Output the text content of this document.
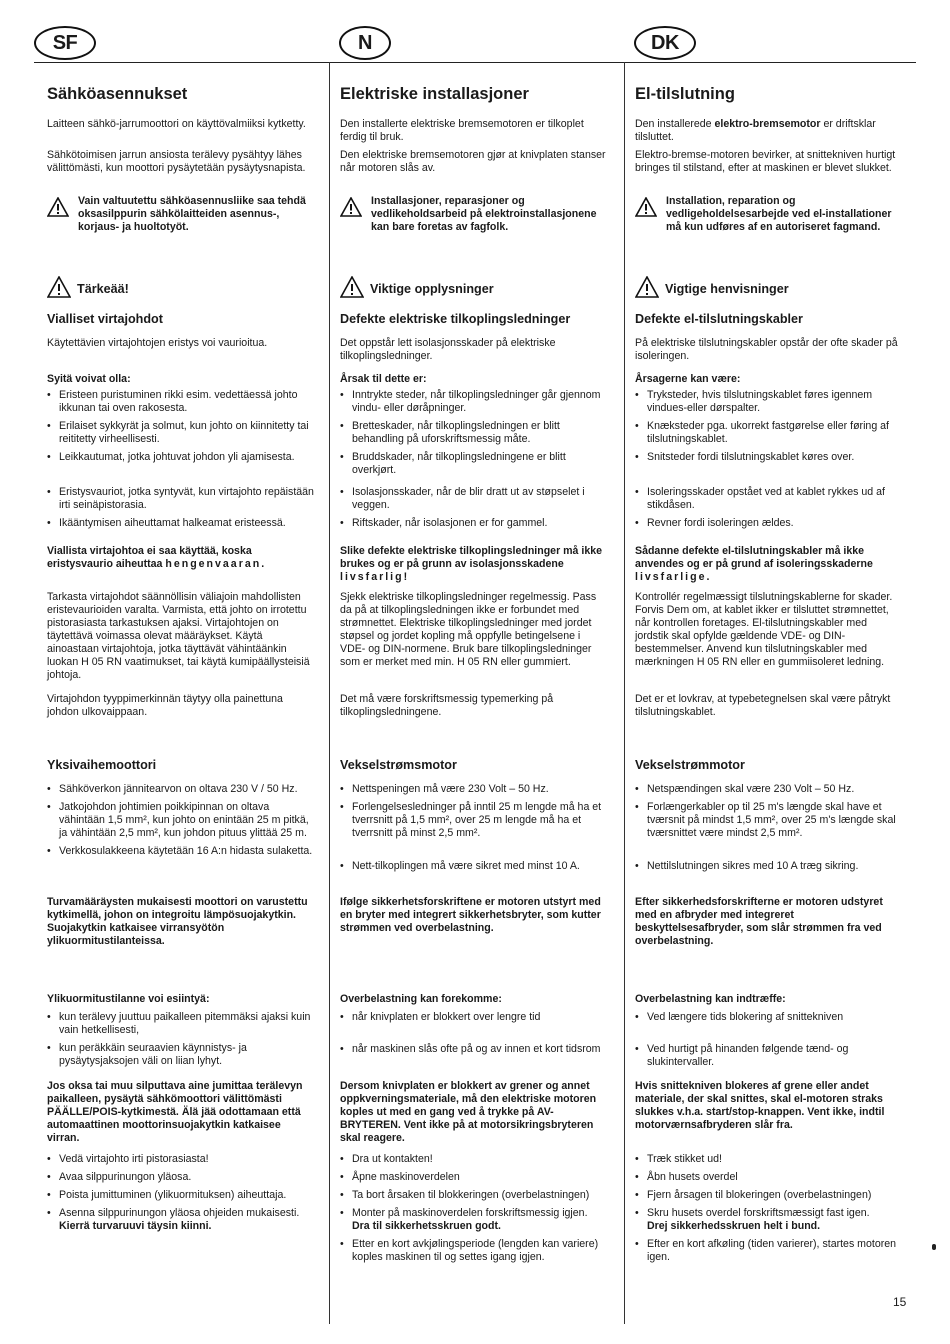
SF	N	DK
Sähköasennukset

Laitteen sähkö-jarrumoottori on käyttövalmiiksi kytketty.

Sähkötoimisen jarrun ansiosta terälevy pysähtyy lähes välittömästi, kun moottori pysäytetään pysäytysnapista.

Vain valtuutettu sähköasennusliike saa tehdä oksasilppurin sähkölaitteiden asennus-, korjaus- ja huoltotyöt.
Tärkeää!
Vialliset virtajohdot

Käytettävien virtajohtojen eristys voi vaurioitua.

Syitä voivat olla:

• Eristeen puristuminen rikki esim. vedettäessä johto ikkunan tai oven rakosesta.
• Erilaiset sykkyrät ja solmut, kun johto on kiinnitetty tai reititetty virheellisesti.
• Leikkautumat, jotka johtuvat johdon yli ajamisesta.
• Eristysvauriot, jotka syntyvät, kun virtajohto repäistään irti seinäpistorasia.
• Ikääntymisen aiheuttamat halkeamat eristeessä.

Viallista virtajohtoa ei saa käyttää, koska eristysvaurio aiheuttaa hengenvaaran.

Tarkasta virtajohdot säännöllisin väliajoin mahdollisten eristevaurioiden varalta. Varmista, että johto on irrotettu pistorasiasta tarkastuksen ajaksi. Virtajohtojen on täytettävä voimassa olevat määräykset. Käytä ainoastaan virtajohtoja, jotka täyttävät vähintäänkin luokan H 05 RN vaatimukset, tai käytä kumipäällysteisiä johtoja.

Virtajohdon tyyppimerkinnän täytyy olla painettuna johdon ulkovaippaan.

Yksivaihemoottori
• Sähköverkon jännitearvon on oltava 230 V / 50 Hz.
• Jatkojohdon johtimien poikkipinnan on oltava vähintään 1,5 mm², kun johto on enintään 25 m pitkä, ja vähintään 2,5 mm², kun johdon pituus ylittää 25 m.
• Verkkosulakkeena käytetään 16 A:n hidasta sulaketta.

Turvamääräysten mukaisesti moottori on varustettu kytkimellä, johon on integroitu lämpösuojakytkin. Suojakytkin katkaisee virransyötön ylikuormitustilanteissa.

Ylikuormitustilanne voi esiintyä:

• kun terälevy juuttuu paikalleen pitemmäksi ajaksi kuin vain hetkellisesti,
• kun peräkkäin seuraavien käynnistys- ja pysäytysjaksojen väli on liian lyhyt.

Jos oksa tai muu silputtava aine jumittaa terälevyn paikalleen, pysäytä sähkömoottori välittömästi PÄÄLLE/POIS-kytkimestä. Älä jää odottamaan että automaattinen moottorinsuojakytkin katkaisee virran.

• Vedä virtajohto irti pistorasiasta!
• Avaa silppurinungon yläosa.
• Poista jumittuminen (ylikuormituksen) aiheuttaja.
• Asenna silppurinungon yläosa ohjeiden mukaisesti.
Kierrä turvaruuvi täysin kiinni.
Elektriske installasjoner

Den installerte elektriske bremsemotoren er tilkoplet ferdig til bruk.

Den elektriske bremsemotoren gjør at knivplaten stanser når motoren slås av.

Installasjoner, reparasjoner og vedlikeholdsarbeid på elektroinstallasjonene kan bare foretas av fagfolk.
Viktige opplysninger
Defekte elektriske tilkoplingsledninger

Det oppstår lett isolasjonsskader på elektriske tilkoplingsledninger.

Årsak til dette er:

• Inntrykte steder, når tilkoplingsledninger går gjennom vindu- eller døråpninger.
• Bretteskader, når tilkoplingsledningen er blitt behandling på uforskriftsmessig måte.
• Bruddskader, når tilkoplingsledningene er blitt overkjørt.
• Isolasjonsskader, når de blir dratt ut av støpselet i veggen.
• Riftskader, når isolasjonen er for gammel.

Slike defekte elektriske tilkoplingsledninger må ikke brukes og er på grunn av isolasjonsskadene livsfarlig!

Sjekk elektriske tilkoplingsledninger regelmessig. Pass da på at tilkoplingsledningen ikke er forbundet med strømnettet. Elektriske tilkoplingsledninger med jordet støpsel og jordet kopling må oppfylle betingelsene i VDE- og DIN-normene. Bruk bare tilkoplingsledninger som er merket med min. H 05 RN eller gummiert.

Det må være forskriftsmessig typemerking på tilkoplingsledningene.

Vekselstrømsmotor
• Nettspeningen må være 230 Volt – 50 Hz.
• Forlengelsesledninger på inntil 25 m lengde må ha et tverrsnitt på 1,5 mm², over 25 m lengde må ha et tverrsnitt på minst 2,5 mm².
• Nett-tilkoplingen må være sikret med minst 10 A.

Ifølge sikkerhetsforskriftene er motoren utstyrt med en bryter med integrert sikkerhetsbryter, som kutter strømmen ved overbelastning.

Overbelastning kan forekomme:

• når knivplaten er blokkert over lengre tid
• når maskinen slås ofte på og av innen et kort tidsrom

Dersom knivplaten er blokkert av grener og annet oppkverningsmateriale, må den elektriske motoren koples ut med en gang ved å trykke på AV-BRYTEREN. Vent ikke på at motorsikringsbryteren skal reagere.

• Dra ut kontakten!
• Åpne maskinoverdelen
• Ta bort årsaken til blokkeringen (overbelastningen)
• Monter på maskinoverdelen forskriftsmessig igjen.
Dra til sikkerhetsskruen godt.
• Etter en kort avkjølingsperiode (lengden kan variere) koples maskinen til og settes igang igjen.
El-tilslutning

Den installerede elektro-bremsemotor er driftsklar tilsluttet.

Elektro-bremse-motoren bevirker, at snittekniven hurtigt bringes til stilstand, efter at maskinen er blevet slukket.

Installation, reparation og vedligeholdelsesarbejde ved el-installationer må kun udføres af en autoriseret fagmand.
Vigtige henvisninger
Defekte el-tilslutningskabler

På elektriske tilslutningskabler opstår der ofte skader på isoleringen.

Årsagerne kan være:

• Tryksteder, hvis tilslutningskablet føres igennem vindues-eller dørspalter.
• Knæksteder pga. ukorrekt fastgørelse eller føring af tilslutningskablet.
• Snitsteder fordi tilslutningskablet køres over.
• Isoleringsskader opstået ved at kablet rykkes ud af stikdåsen.
• Revner fordi isoleringen ældes.

Sådanne defekte el-tilslutningskabler må ikke anvendes og er på grund af isoleringsskaderne livsfarlige.

Kontrollér regelmæssigt tilslutningskablerne for skader. Forvis Dem om, at kablet ikker er tilsluttet strømnettet, når kontrollen foretages. El-tilslutningskabler med jordstik skal opfylde gældende VDE- og DIN-bestemmelser. Anvend kun tilslutningskabler med mærkningen H 05 RN eller en gummiisoleret ledning.

Det er et lovkrav, at typebetegnelsen skal være påtrykt tilslutningskablet.

Vekselstrømmotor
• Netspændingen skal være 230 Volt – 50 Hz.
• Forlængerkabler op til 25 m's længde skal have et tværsnit på mindst 1,5 mm², over 25 m's længde skal tværsnittet være mindst 2,5 mm².
• Nettilslutningen sikres med 10 A træg sikring.

Efter sikkerhedsforskrifterne er motoren udstyret med en afbryder med integreret beskyttelsesafbryder, som slår strømmen fra ved overbelastning.

Overbelastning kan indtræffe:

• Ved længere tids blokering af snittekniven
• Ved hurtigt på hinanden følgende tænd- og slukintervaller.

Hvis snittekniven blokeres af grene eller andet materiale, der skal snittes, skal el-motoren straks slukkes v.h.a. start/stop-knappen. Vent ikke, indtil motorværnsafbryderen slår fra.

• Træk stikket ud!
• Åbn husets overdel
• Fjern årsagen til blokeringen (overbelastningen)
• Skru husets overdel forskriftsmæssigt fast igen.
Drej sikkerhedsskruen helt i bund.
• Efter en kort afkøling (tiden varierer), startes motoren igen.
15
